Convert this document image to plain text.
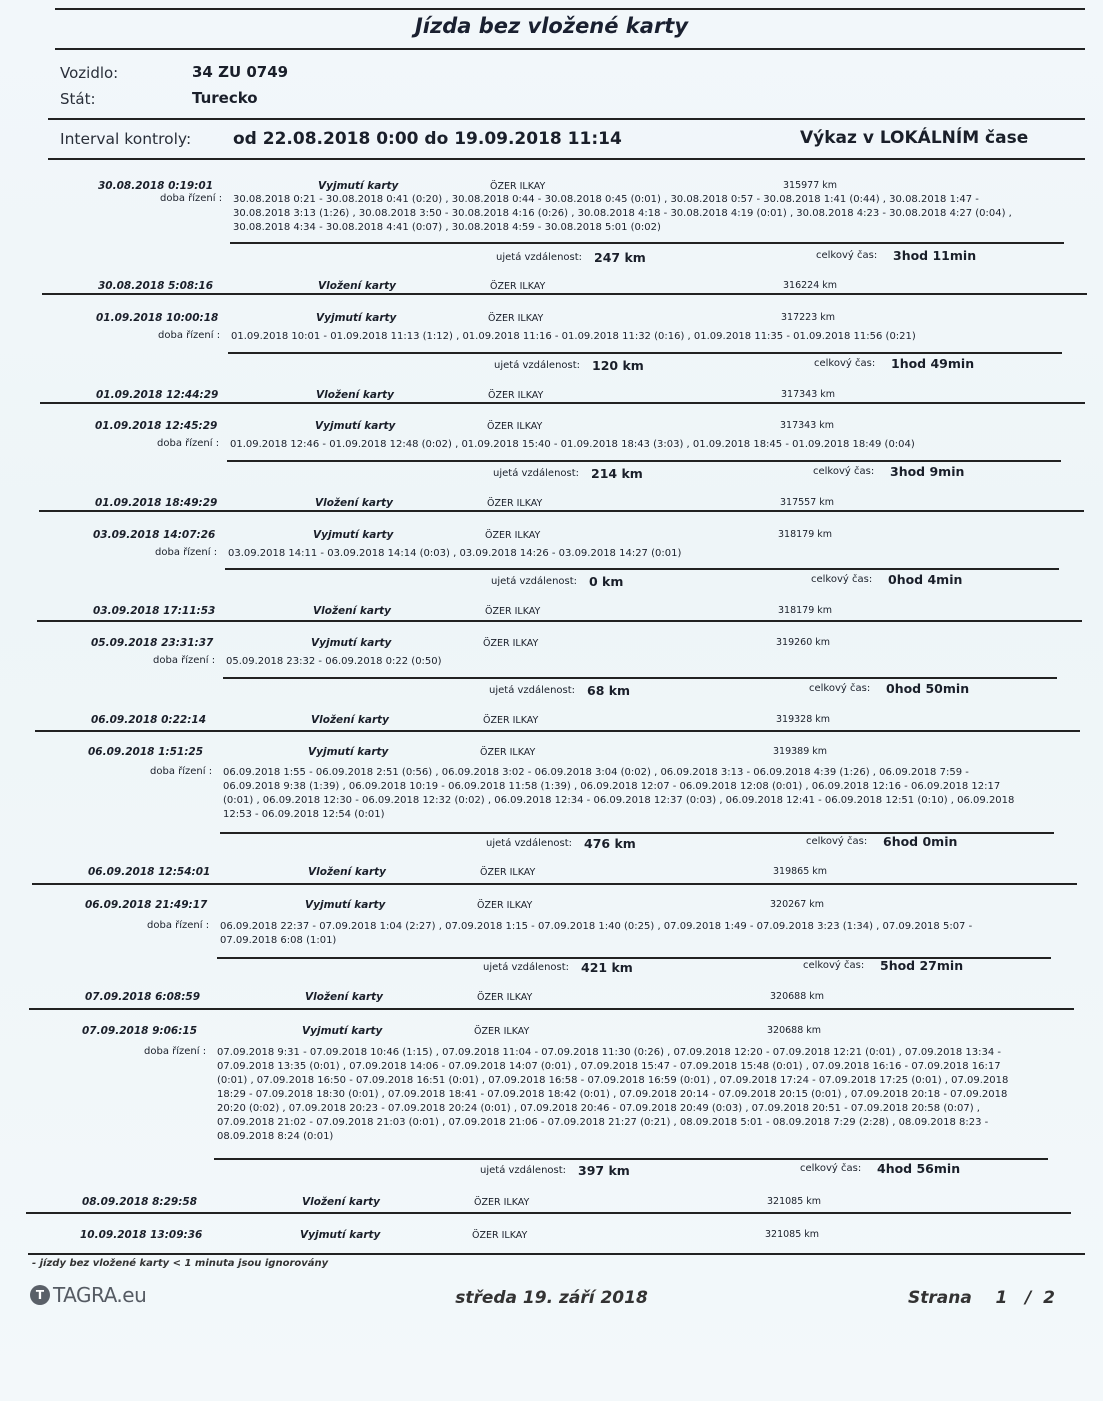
Jízda bez vložené karty
Vozidlo:	34 ZU 0749
Stát:	Turecko
Interval kontroly: od 22.08.2018 0:00 do 19.09.2018 11:14	Výkaz v LOKÁLNÍM čase
30.08.2018 0:19:01	Vyjmutí karty	ÖZER ILKAY	315977 km
doba řízení : 30.08.2018 0:21 - 30.08.2018 0:41 (0:20) , 30.08.2018 0:44 - 30.08.2018 0:45 (0:01) , 30.08.2018 0:57 - 30.08.2018 1:41 (0:44) , 30.08.2018 1:47 - 30.08.2018 3:13 (1:26) , 30.08.2018 3:50 - 30.08.2018 4:16 (0:26) , 30.08.2018 4:18 - 30.08.2018 4:19 (0:01) , 30.08.2018 4:23 - 30.08.2018 4:27 (0:04) , 30.08.2018 4:34 - 30.08.2018 4:41 (0:07) , 30.08.2018 4:59 - 30.08.2018 5:01 (0:02)
ujetá vzdálenost: 247 km	celkový čas: 3hod 11min
30.08.2018 5:08:16	Vložení karty	ÖZER ILKAY	316224 km
01.09.2018 10:00:18	Vyjmutí karty	ÖZER ILKAY	317223 km
doba řízení : 01.09.2018 10:01 - 01.09.2018 11:13 (1:12) , 01.09.2018 11:16 - 01.09.2018 11:32 (0:16) , 01.09.2018 11:35 - 01.09.2018 11:56 (0:21)
ujetá vzdálenost: 120 km	celkový čas: 1hod 49min
01.09.2018 12:44:29	Vložení karty	ÖZER ILKAY	317343 km
01.09.2018 12:45:29	Vyjmutí karty	ÖZER ILKAY	317343 km
doba řízení : 01.09.2018 12:46 - 01.09.2018 12:48 (0:02) , 01.09.2018 15:40 - 01.09.2018 18:43 (3:03) , 01.09.2018 18:45 - 01.09.2018 18:49 (0:04)
ujetá vzdálenost: 214 km	celkový čas: 3hod 9min
01.09.2018 18:49:29	Vložení karty	ÖZER ILKAY	317557 km
03.09.2018 14:07:26	Vyjmutí karty	ÖZER ILKAY	318179 km
doba řízení : 03.09.2018 14:11 - 03.09.2018 14:14 (0:03) , 03.09.2018 14:26 - 03.09.2018 14:27 (0:01)
ujetá vzdálenost: 0 km	celkový čas: 0hod 4min
03.09.2018 17:11:53	Vložení karty	ÖZER ILKAY	318179 km
05.09.2018 23:31:37	Vyjmutí karty	ÖZER ILKAY	319260 km
doba řízení : 05.09.2018 23:32 - 06.09.2018 0:22 (0:50)
ujetá vzdálenost: 68 km	celkový čas: 0hod 50min
06.09.2018 0:22:14	Vložení karty	ÖZER ILKAY	319328 km
06.09.2018 1:51:25	Vyjmutí karty	ÖZER ILKAY	319389 km
doba řízení : 06.09.2018 1:55 - 06.09.2018 2:51 (0:56) , 06.09.2018 3:02 - 06.09.2018 3:04 (0:02) , 06.09.2018 3:13 - 06.09.2018 4:39 (1:26) , 06.09.2018 7:59 - 06.09.2018 9:38 (1:39) , 06.09.2018 10:19 - 06.09.2018 11:58 (1:39) , 06.09.2018 12:07 - 06.09.2018 12:08 (0:01) , 06.09.2018 12:16 - 06.09.2018 12:17 (0:01) , 06.09.2018 12:30 - 06.09.2018 12:32 (0:02) , 06.09.2018 12:34 - 06.09.2018 12:37 (0:03) , 06.09.2018 12:41 - 06.09.2018 12:51 (0:10) , 06.09.2018 12:53 - 06.09.2018 12:54 (0:01)
ujetá vzdálenost: 476 km	celkový čas: 6hod 0min
06.09.2018 12:54:01	Vložení karty	ÖZER ILKAY	319865 km
06.09.2018 21:49:17	Vyjmutí karty	ÖZER ILKAY	320267 km
doba řízení : 06.09.2018 22:37 - 07.09.2018 1:04 (2:27) , 07.09.2018 1:15 - 07.09.2018 1:40 (0:25) , 07.09.2018 1:49 - 07.09.2018 3:23 (1:34) , 07.09.2018 5:07 - 07.09.2018 6:08 (1:01)
ujetá vzdálenost: 421 km	celkový čas: 5hod 27min
07.09.2018 6:08:59	Vložení karty	ÖZER ILKAY	320688 km
07.09.2018 9:06:15	Vyjmutí karty	ÖZER ILKAY	320688 km
doba řízení : 07.09.2018 9:31 - 07.09.2018 10:46 (1:15) , 07.09.2018 11:04 - 07.09.2018 11:30 (0:26) , 07.09.2018 12:20 - 07.09.2018 12:21 (0:01) , 07.09.2018 13:34 - 07.09.2018 13:35 (0:01) , 07.09.2018 14:06 - 07.09.2018 14:07 (0:01) , 07.09.2018 15:47 - 07.09.2018 15:48 (0:01) , 07.09.2018 16:16 - 07.09.2018 16:17 (0:01) , 07.09.2018 16:50 - 07.09.2018 16:51 (0:01) , 07.09.2018 16:58 - 07.09.2018 16:59 (0:01) , 07.09.2018 17:24 - 07.09.2018 17:25 (0:01) , 07.09.2018 18:29 - 07.09.2018 18:30 (0:01) , 07.09.2018 18:41 - 07.09.2018 18:42 (0:01) , 07.09.2018 20:14 - 07.09.2018 20:15 (0:01) , 07.09.2018 20:18 - 07.09.2018 20:20 (0:02) , 07.09.2018 20:23 - 07.09.2018 20:24 (0:01) , 07.09.2018 20:46 - 07.09.2018 20:49 (0:03) , 07.09.2018 20:51 - 07.09.2018 20:58 (0:07) , 07.09.2018 21:02 - 07.09.2018 21:03 (0:01) , 07.09.2018 21:06 - 07.09.2018 21:27 (0:21) , 08.09.2018 5:01 - 08.09.2018 7:29 (2:28) , 08.09.2018 8:23 - 08.09.2018 8:24 (0:01)
ujetá vzdálenost: 397 km	celkový čas: 4hod 56min
08.09.2018 8:29:58	Vložení karty	ÖZER ILKAY	321085 km
10.09.2018 13:09:36	Vyjmutí karty	ÖZER ILKAY	321085 km
- jízdy bez vložené karty < 1 minuta jsou ignorovány
T TAGRA.eu	středa 19. září 2018	Strana 1   /  2
